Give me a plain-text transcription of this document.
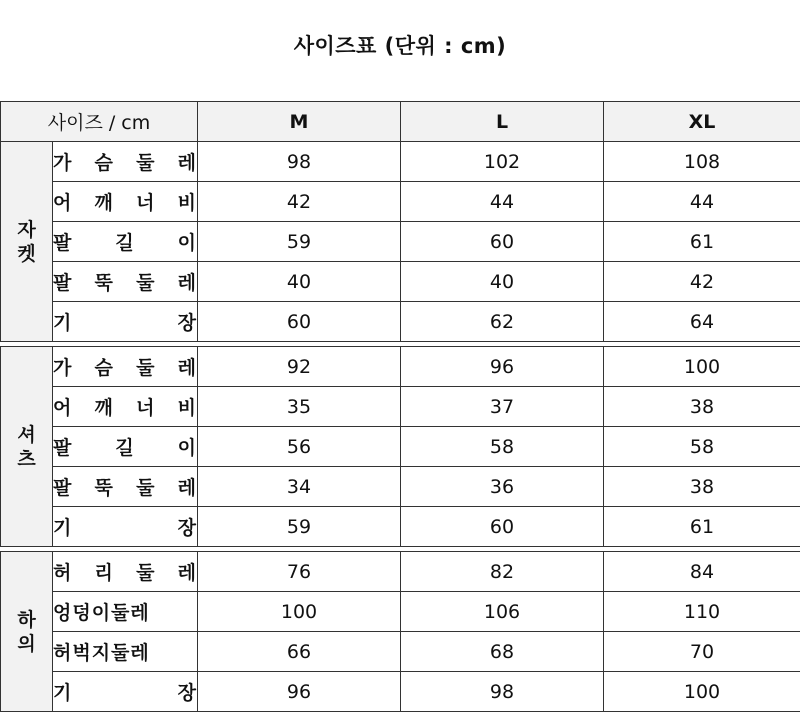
사이즈표 (단위 : cm)
사이즈 / cm		M	L	XL

자
켓	가 슴 둘 레	98	102	108
	어 깨 너 비	42	44	44
	팔 길 이	59	60	61
	팔 뚝 둘 레	40	40	42
	기 장	60	62	64

셔
츠	가 슴 둘 레	92	96	100
	어 깨 너 비	35	37	38
	팔 길 이	56	58	58
	팔 뚝 둘 레	34	36	38
	기 장	59	60	61

하
의	허 리 둘 레	76	82	84
	엉덩이둘레	100	106	110
	허벅지둘레	66	68	70
	기 장	96	98	100
